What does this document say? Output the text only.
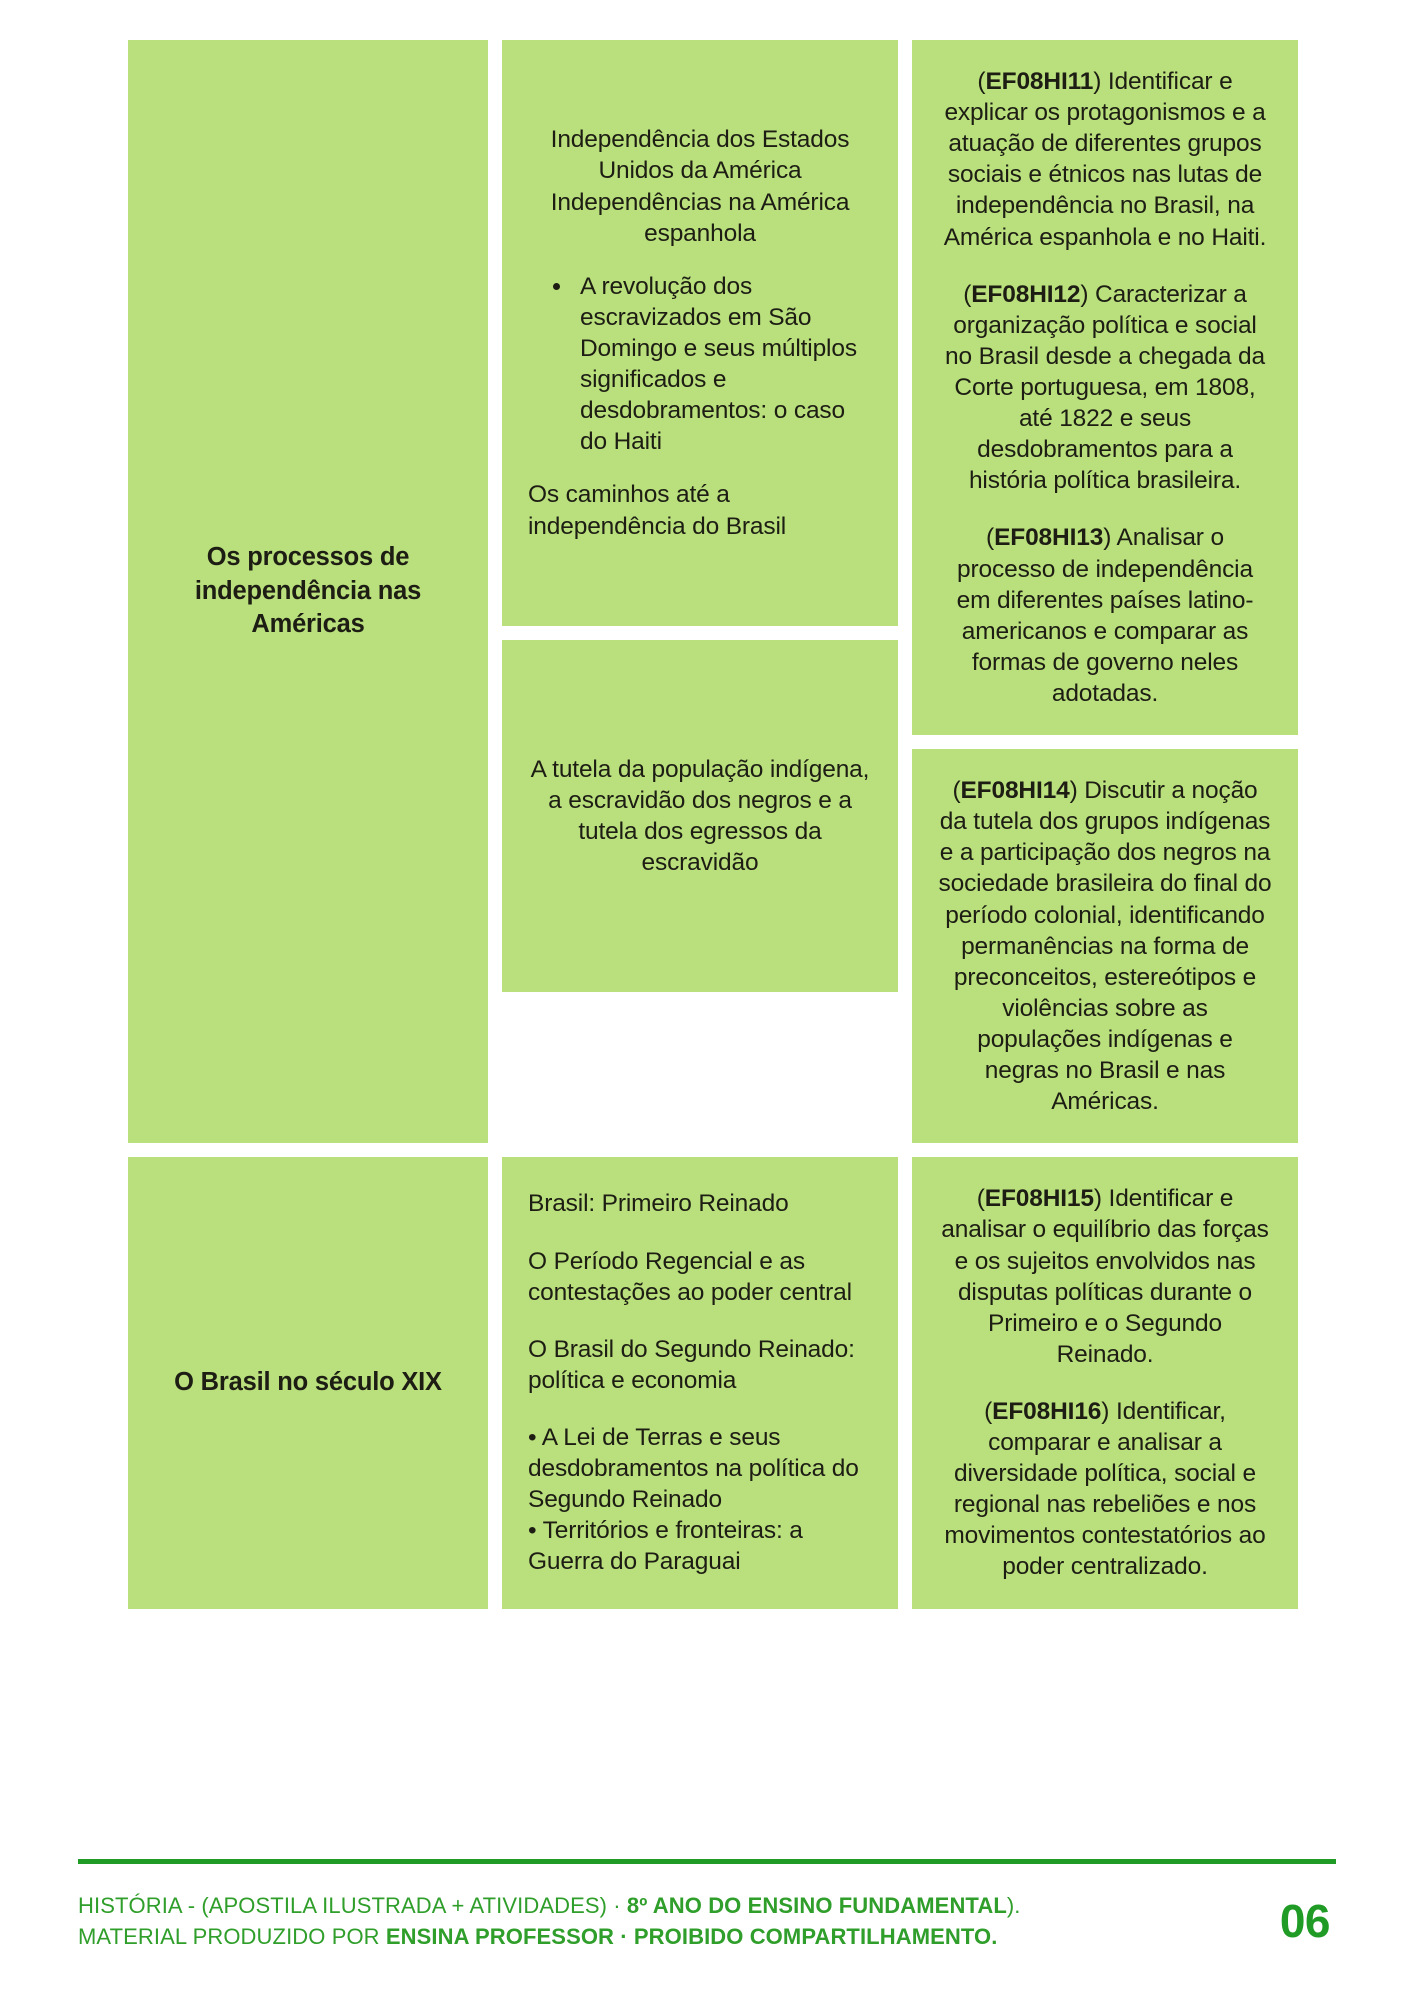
Os processos de independência nas Américas

Independência dos Estados Unidos da América
Independências na América espanhola

• A revolução dos escravizados em São Domingo e seus múltiplos significados e desdobramentos: o caso do Haiti

Os caminhos até a independência do Brasil

A tutela da população indígena, a escravidão dos negros e a tutela dos egressos da escravidão

(EF08HI11) Identificar e explicar os protagonismos e a atuação de diferentes grupos sociais e étnicos nas lutas de independência no Brasil, na América espanhola e no Haiti.

(EF08HI12) Caracterizar a organização política e social no Brasil desde a chegada da Corte portuguesa, em 1808, até 1822 e seus desdobramentos para a história política brasileira.

(EF08HI13) Analisar o processo de independência em diferentes países latino-americanos e comparar as formas de governo neles adotadas.

(EF08HI14) Discutir a noção da tutela dos grupos indígenas e a participação dos negros na sociedade brasileira do final do período colonial, identificando permanências na forma de preconceitos, estereótipos e violências sobre as populações indígenas e negras no Brasil e nas Américas.

O Brasil no século XIX

Brasil: Primeiro Reinado

O Período Regencial e as contestações ao poder central

O Brasil do Segundo Reinado: política e economia

• A Lei de Terras e seus desdobramentos na política do Segundo Reinado

• Territórios e fronteiras: a Guerra do Paraguai

(EF08HI15) Identificar e analisar o equilíbrio das forças e os sujeitos envolvidos nas disputas políticas durante o Primeiro e o Segundo Reinado.

(EF08HI16) Identificar, comparar e analisar a diversidade política, social e regional nas rebeliões e nos movimentos contestatórios ao poder centralizado.

HISTÓRIA - (APOSTILA ILUSTRADA + ATIVIDADES) · 8º ANO DO ENSINO FUNDAMENTAL).
MATERIAL PRODUZIDO POR ENSINA PROFESSOR · PROIBIDO COMPARTILHAMENTO.	06
